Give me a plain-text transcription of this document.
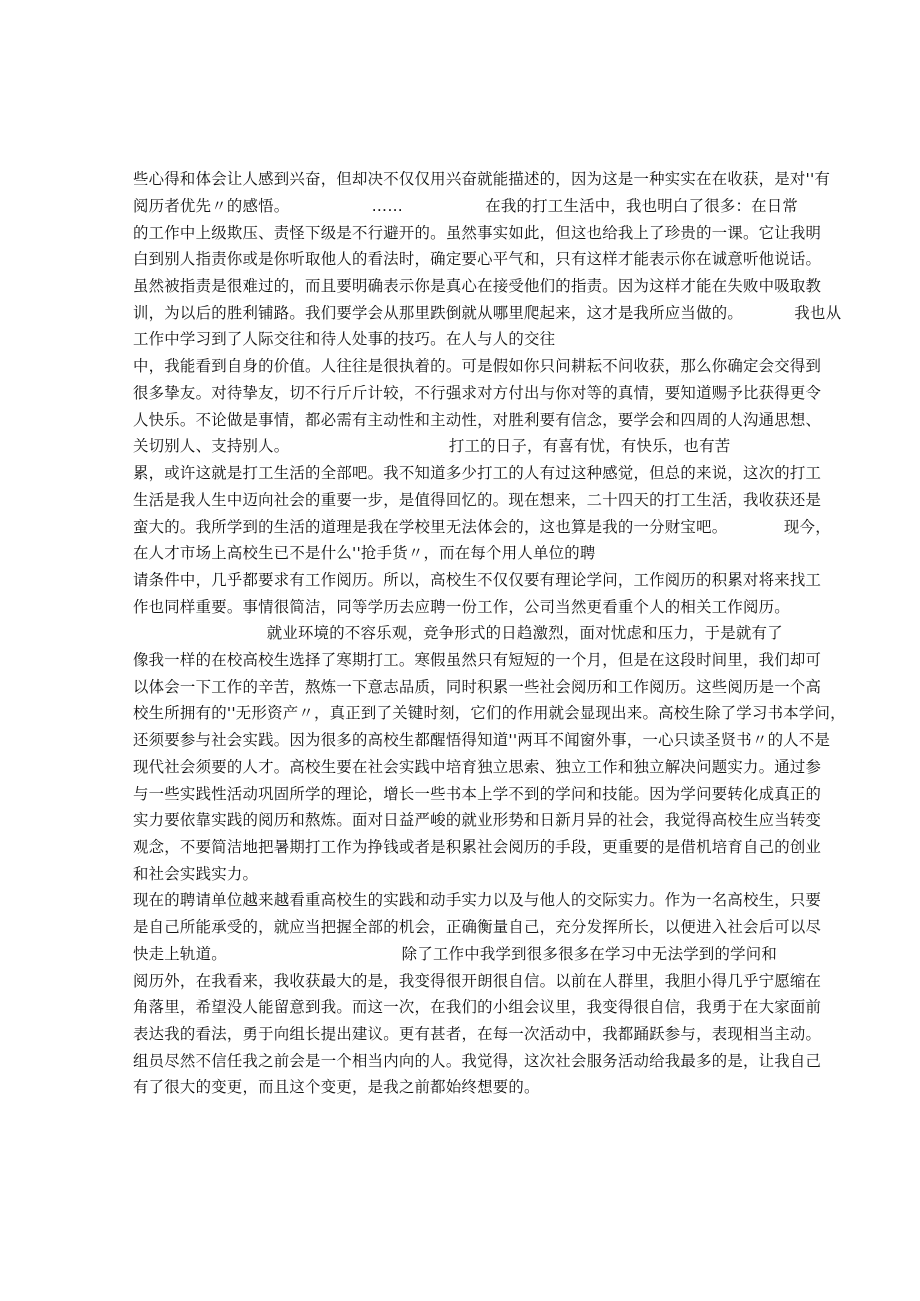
些心得和体会让人感到兴奋，但却决不仅仅用兴奋就能描述的，因为这是一种实实在在收获，是对''有
阅历者优先〃的感悟。                ……                在我的打工生活中，我也明白了很多：在日常
的工作中上级欺压、责怪下级是不行避开的。虽然事实如此，但这也给我上了珍贵的一课。它让我明
白到别人指责你或是你听取他人的看法时，确定要心平气和，只有这样才能表示你在诚意听他说话。
虽然被指责是很难过的，而且要明确表示你是真心在接受他们的指责。因为这样才能在失败中吸取教
训，为以后的胜利铺路。我们要学会从那里跌倒就从哪里爬起来，这才是我所应当做的。          我也从
工作中学习到了人际交往和待人处事的技巧。在人与人的交往
中，我能看到自身的价值。人往往是很执着的。可是假如你只问耕耘不问收获，那么你确定会交得到
很多挚友。对待挚友，切不行斤斤计较，不行强求对方付出与你对等的真情，要知道赐予比获得更令
人快乐。不论做是事情，都必需有主动性和主动性，对胜利要有信念，要学会和四周的人沟通思想、
关切别人、支持别人。                               打工的日子，有喜有忧，有快乐，也有苦
累，或许这就是打工生活的全部吧。我不知道多少打工的人有过这种感觉，但总的来说，这次的打工
生活是我人生中迈向社会的重要一步，是值得回忆的。现在想来，二十四天的打工生活，我收获还是
蛮大的。我所学到的生活的道理是我在学校里无法体会的，这也算是我的一分财宝吧。           现今，
在人才市场上高校生已不是什么''抢手货〃，而在每个用人单位的聘
请条件中，几乎都要求有工作阅历。所以，高校生不仅仅要有理论学问，工作阅历的积累对将来找工
作也同样重要。事情很简洁，同等学历去应聘一份工作，公司当然更看重个人的相关工作阅历。
就业环境的不容乐观，竞争形式的日趋激烈，面对忧虑和压力，于是就有了
像我一样的在校高校生选择了寒期打工。寒假虽然只有短短的一个月，但是在这段时间里，我们却可
以体会一下工作的辛苦，熬炼一下意志品质，同时积累一些社会阅历和工作阅历。这些阅历是一个高
校生所拥有的''无形资产〃，真正到了关键时刻，它们的作用就会显现出来。高校生除了学习书本学问，
还须要参与社会实践。因为很多的高校生都醒悟得知道''两耳不闻窗外事，一心只读圣贤书〃的人不是
现代社会须要的人才。高校生要在社会实践中培育独立思索、独立工作和独立解决问题实力。通过参
与一些实践性活动巩固所学的理论，增长一些书本上学不到的学问和技能。因为学问要转化成真正的
实力要依靠实践的阅历和熬炼。面对日益严峻的就业形势和日新月异的社会，我觉得高校生应当转变
观念，不要简洁地把暑期打工作为挣钱或者是积累社会阅历的手段，更重要的是借机培育自己的创业
和社会实践实力。
现在的聘请单位越来越看重高校生的实践和动手实力以及与他人的交际实力。作为一名高校生，只要
是自己所能承受的，就应当把握全部的机会，正确衡量自己，充分发挥所长，以便进入社会后可以尽
快走上轨道。                                  除了工作中我学到很多很多在学习中无法学到的学问和
阅历外，在我看来，我收获最大的是，我变得很开朗很自信。以前在人群里，我胆小得几乎宁愿缩在
角落里，希望没人能留意到我。而这一次，在我们的小组会议里，我变得很自信，我勇于在大家面前
表达我的看法，勇于向组长提出建议。更有甚者，在每一次活动中，我都踊跃参与，表现相当主动。
组员尽然不信任我之前会是一个相当内向的人。我觉得，这次社会服务活动给我最多的是，让我自己
有了很大的变更，而且这个变更，是我之前都始终想要的。
